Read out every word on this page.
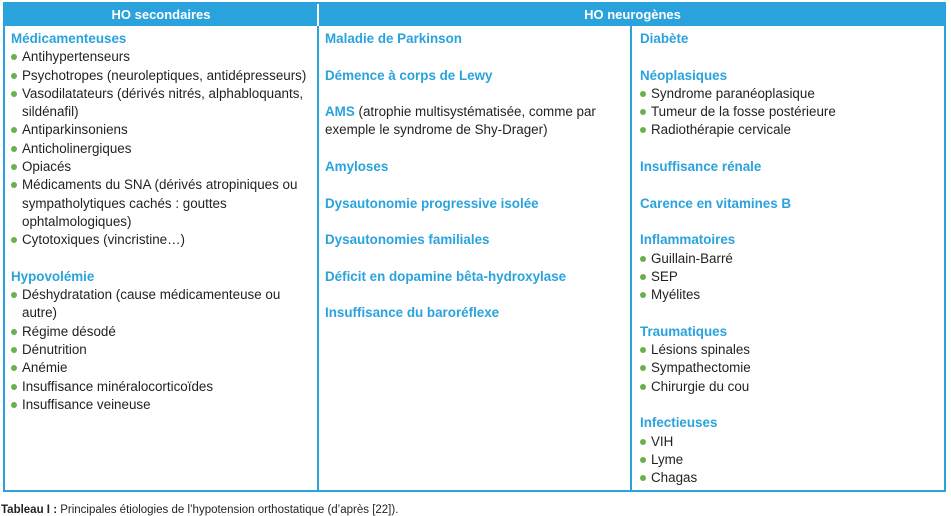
HO secondaires	HO neurogènes
Médicamenteuses
Antihypertenseurs
Psychotropes (neuroleptiques, antidépresseurs)
Vasodilatateurs (dérivés nitrés, alphabloquants, sildénafil)
Antiparkinsoniens
Anticholinergiques
Opiacés
Médicaments du SNA (dérivés atropiniques ou sympatholytiques cachés : gouttes ophtalmologiques)
Cytotoxiques (vincristine…)
Hypovolémie
Déshydratation (cause médicamenteuse ou autre)
Régime désodé
Dénutrition
Anémie
Insuffisance minéralocorticoïdes
Insuffisance veineuse
Maladie de Parkinson
Démence à corps de Lewy
AMS (atrophie multisystématisée, comme par exemple le syndrome de Shy-Drager)
Amyloses
Dysautonomie progressive isolée
Dysautonomies familiales
Déficit en dopamine bêta-hydroxylase
Insuffisance du baroréflexe
Diabète
Néoplasiques
Syndrome paranéoplasique
Tumeur de la fosse postérieure
Radiothérapie cervicale
Insuffisance rénale
Carence en vitamines B
Inflammatoires
Guillain-Barré
SEP
Myélites
Traumatiques
Lésions spinales
Sympathectomie
Chirurgie du cou
Infectieuses
VIH
Lyme
Chagas
Tableau I : Principales étiologies de l’hypotension orthostatique (d’après [22]).
